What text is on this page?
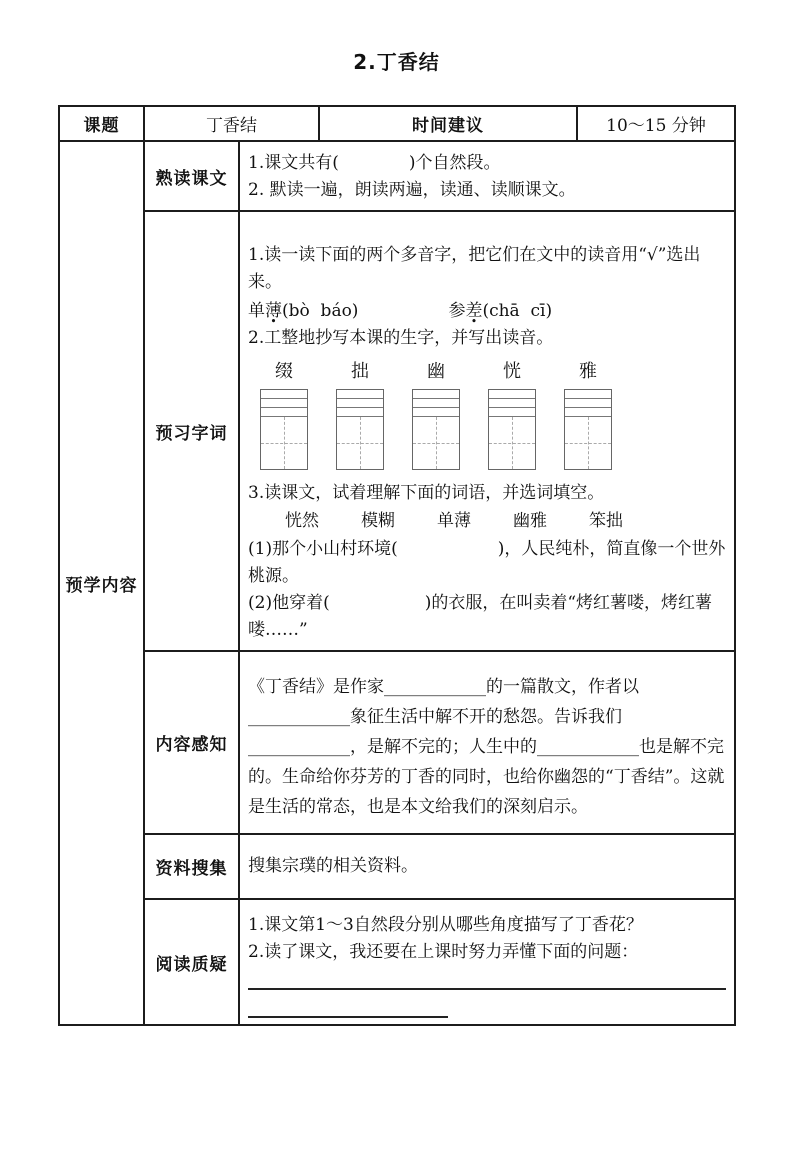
2.丁香结
课题	丁香结		时间建议	10～15 分钟
预学内容	熟读课文	1.课文共有( )个自然段。
2. 默读一遍，朗读两遍，读通、读顺课文。		

预习字词	
1.读一读下面的两个多音字，把它们在文中的读音用“√”选出来。
单薄(bò  báo)	参差(chā  cī)
2.工整地抄写本课的生字，并写出读音。
缀	拙	幽	恍	雅
3.读课文，试着理解下面的词语，并选词填空。
恍然 模糊 单薄 幽雅 笨拙
(1)那个小山村环境(	)，人民纯朴，简直像一个世外桃源。
(2)他穿着(	)的衣服，在叫卖着“烤红薯喽，烤红薯喽……”

	内容感知	《丁香结》是作家____________的一篇散文，作者以____________象征生活中解不开的愁怨。告诉我们____________，是解不完的；人生中的____________也是解不完的。生命给你芬芳的丁香的同时，也给你幽怨的“丁香结”。这就是生活的常态，也是本文给我们的深刻启示。		

	资料搜集	搜集宗璞的相关资料。		

	阅读质疑	1.课文第1～3自然段分别从哪些角度描写了丁香花？
2.读了课文，我还要在上课时努力弄懂下面的问题：		
